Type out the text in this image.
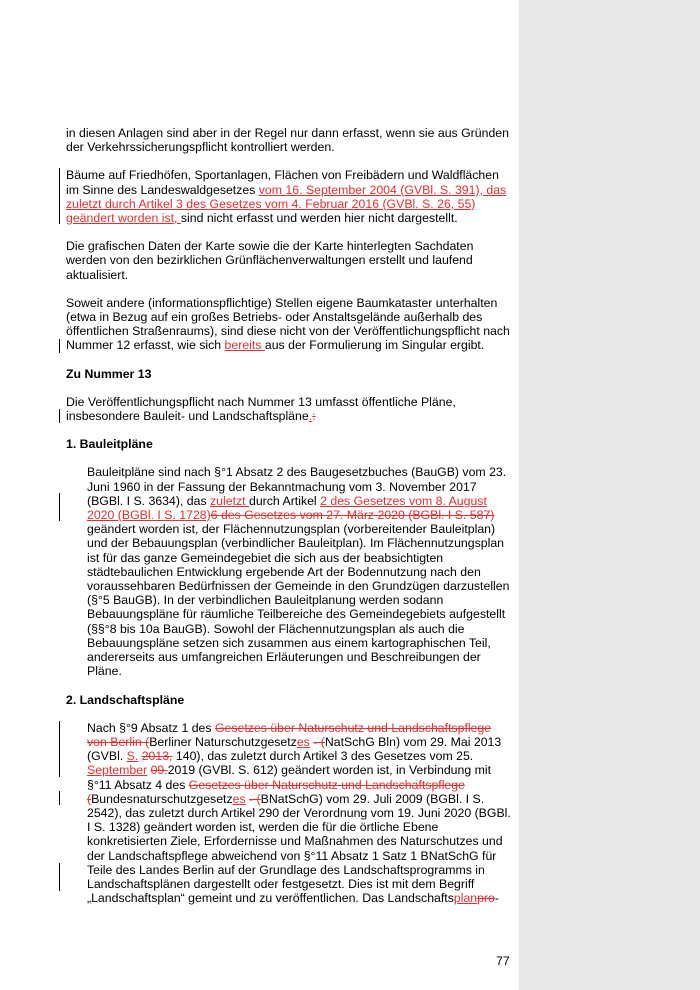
in diesen Anlagen sind aber in der Regel nur dann erfasst, wenn sie aus Gründen der Verkehrssicherungspflicht kontrolliert werden.

Bäume auf Friedhöfen, Sportanlagen, Flächen von Freibädern und Waldflächen im Sinne des Landeswaldgesetzes vom 16. September 2004 (GVBl. S. 391), das zuletzt durch Artikel 3 des Gesetzes vom 4. Februar 2016 (GVBl. S. 26, 55) geändert worden ist, sind nicht erfasst und werden hier nicht dargestellt.

Die grafischen Daten der Karte sowie die der Karte hinterlegten Sachdaten werden von den bezirklichen Grünflächenverwaltungen erstellt und laufend aktualisiert.

Soweit andere (informationspflichtige) Stellen eigene Baumkataster unterhalten (etwa in Bezug auf ein großes Betriebs- oder Anstaltsgelände außerhalb des öffentlichen Straßenraums), sind diese nicht von der Veröffentlichungspflicht nach Nummer 12 erfasst, wie sich bereits aus der Formulierung im Singular ergibt.

Zu Nummer 13

Die Veröffentlichungspflicht nach Nummer 13 umfasst öffentliche Pläne, insbesondere Bauleit- und Landschaftspläne.:

1. Bauleitpläne

Bauleitpläne sind nach §°1 Absatz 2 des Baugesetzbuches (BauGB) vom 23. Juni 1960 in der Fassung der Bekanntmachung vom 3. November 2017 (BGBl. I S. 3634), das zuletzt durch Artikel 2 des Gesetzes vom 8. August 2020 (BGBl. I S. 1728)6 des Gesetzes vom 27. März 2020 (BGBl. I S. 587) geändert worden ist, der Flächennutzungsplan (vorbereitender Bauleitplan) und der Bebauungsplan (verbindlicher Bauleitplan). Im Flächennutzungsplan ist für das ganze Gemeindegebiet die sich aus der beabsichtigten städtebaulichen Entwicklung ergebende Art der Bodennutzung nach den voraussehbaren Bedürfnissen der Gemeinde in den Grundzügen darzustellen (§°5 BauGB). In der verbindlichen Bauleitplanung werden sodann Bebauungspläne für räumliche Teilbereiche des Gemeindegebiets aufgestellt (§§°8 bis 10a BauGB). Sowohl der Flächennutzungsplan als auch die Bebauungspläne setzen sich zusammen aus einem kartographischen Teil, andererseits aus umfangreichen Erläuterungen und Beschreibungen der Pläne.

2. Landschaftspläne

Nach §°9 Absatz 1 des Gesetzes über Naturschutz und Landschaftspflege von Berlin (Berliner Naturschutzgesetzes - (NatSchG Bln) vom 29. Mai 2013 (GVBl. S. 2013, 140), das zuletzt durch Artikel 3 des Gesetzes vom 25. September 09.2019 (GVBl. S. 612) geändert worden ist, in Verbindung mit §°11 Absatz 4 des Gesetzes über Naturschutz und Landschaftspflege (Bundesnaturschutzgesetzes - (BNatSchG) vom 29. Juli 2009 (BGBl. I S. 2542), das zuletzt durch Artikel 290 der Verordnung vom 19. Juni 2020 (BGBl. I S. 1328) geändert worden ist, werden die für die örtliche Ebene konkretisierten Ziele, Erfordernisse und Maßnahmen des Naturschutzes und der Landschaftspflege abweichend von §°11 Absatz 1 Satz 1 BNatSchG für Teile des Landes Berlin auf der Grundlage des Landschaftsprogramms in Landschaftsplänen dargestellt oder festgesetzt. Dies ist mit dem Begriff „Landschaftsplan“ gemeint und zu veröffentlichen. Das Landschaftsplanpro-

77
